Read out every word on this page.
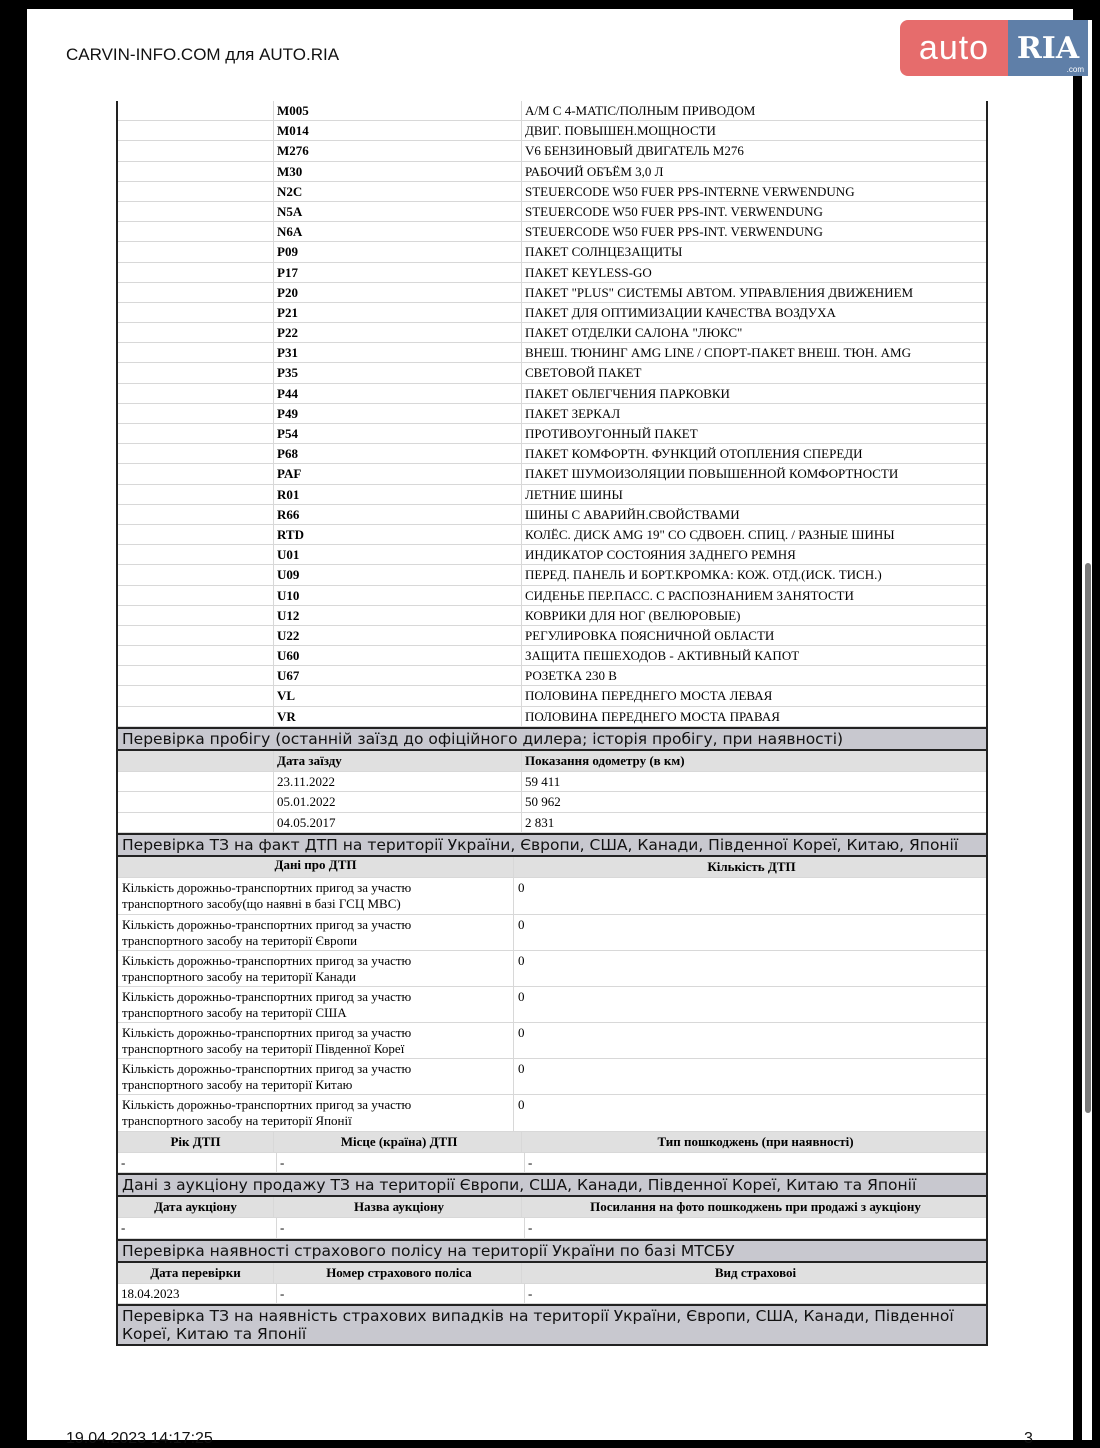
CARVIN-INFO.COM для AUTO.RIA	auto RIA
.com
M005	А/М С 4-MATIC/ПОЛНЫМ ПРИВОДОМ
M014	ДВИГ. ПОВЫШЕН.МОЩНОСТИ
M276	V6 БЕНЗИНОВЫЙ ДВИГАТЕЛЬ M276
M30	РАБОЧИЙ ОБЪЁМ 3,0 Л
N2C	STEUERCODE W50 FUER PPS-INTERNE VERWENDUNG
N5A	STEUERCODE W50 FUER PPS-INT. VERWENDUNG
N6A	STEUERCODE W50 FUER PPS-INT. VERWENDUNG
P09	ПАКЕТ СОЛНЦЕЗАЩИТЫ
P17	ПАКЕТ KEYLESS-GO
P20	ПАКЕТ "PLUS" СИСТЕМЫ АВТОМ. УПРАВЛЕНИЯ ДВИЖЕНИЕМ
P21	ПАКЕТ ДЛЯ ОПТИМИЗАЦИИ КАЧЕСТВА ВОЗДУХА
P22	ПАКЕТ ОТДЕЛКИ САЛОНА "ЛЮКС"
P31	ВНЕШ. ТЮНИНГ AMG LINE / СПОРТ-ПАКЕТ ВНЕШ. ТЮН. AMG
P35	СВЕТОВОЙ ПАКЕТ
P44	ПАКЕТ ОБЛЕГЧЕНИЯ ПАРКОВКИ
P49	ПАКЕТ ЗЕРКАЛ
P54	ПРОТИВОУГОННЫЙ ПАКЕТ
P68	ПАКЕТ КОМФОРТН. ФУНКЦИЙ ОТОПЛЕНИЯ СПЕРЕДИ
PAF	ПАКЕТ ШУМОИЗОЛЯЦИИ ПОВЫШЕННОЙ КОМФОРТНОСТИ
R01	ЛЕТНИЕ ШИНЫ
R66	ШИНЫ С АВАРИЙН.СВОЙСТВАМИ
RTD	КОЛЁС. ДИСК AMG 19" СО СДВОЕН. СПИЦ. / РАЗНЫЕ ШИНЫ
U01	ИНДИКАТОР СОСТОЯНИЯ ЗАДНЕГО РЕМНЯ
U09	ПЕРЕД. ПАНЕЛЬ И БОРТ.КРОМКА: КОЖ. ОТД.(ИСК. ТИСН.)
U10	СИДЕНЬЕ ПЕР.ПАСС. С РАСПОЗНАНИЕМ ЗАНЯТОСТИ
U12	КОВРИКИ ДЛЯ НОГ (ВЕЛЮРОВЫЕ)
U22	РЕГУЛИРОВКА ПОЯСНИЧНОЙ ОБЛАСТИ
U60	ЗАЩИТА ПЕШЕХОДОВ - АКТИВНЫЙ КАПОТ
U67	РОЗЕТКА 230 В
VL	ПОЛОВИНА ПЕРЕДНЕГО МОСТА ЛЕВАЯ
VR	ПОЛОВИНА ПЕРЕДНЕГО МОСТА ПРАВАЯ
Перевірка пробігу (останній заїзд до офіційного дилера; історія пробігу, при наявності)
Дата заїзду	Показання одометру (в км)
23.11.2022	59 411
05.01.2022	50 962
04.05.2017	2 831
Перевірка ТЗ на факт ДТП на території України, Європи, США, Канади, Південної Кореї, Китаю, Японії
Дані про ДТП	Кількість ДТП
Кількість дорожньо-транспортних пригод за участю
транспортного засобу(що наявні в базі ГСЦ МВС)
0
Кількість дорожньо-транспортних пригод за участю
транспортного засобу на території Європи
0
Кількість дорожньо-транспортних пригод за участю
транспортного засобу на території Канади
0
Кількість дорожньо-транспортних пригод за участю
транспортного засобу на території США
0
Кількість дорожньо-транспортних пригод за участю
транспортного засобу на території Південної Кореї
0
Кількість дорожньо-транспортних пригод за участю
транспортного засобу на території Китаю
0
Кількість дорожньо-транспортних пригод за участю
транспортного засобу на території Японії
0
Рік ДТП	Місце (країна) ДТП	Тип пошкоджень (при наявності)
-	-	-
Дані з аукціону продажу ТЗ на території Європи, США, Канади, Південної Кореї, Китаю та Японії
Дата аукціону	Назва аукціону	Посилання на фото пошкоджень при продажі з аукціону
-	-	-
Перевірка наявності страхового полісу на території України по базі МТСБУ
Дата перевірки	Номер страхового поліса	Вид страховоі
18.04.2023	-	-
Перевірка ТЗ на наявність страхових випадків на території України, Європи, США, Канади, Південної Кореї, Китаю та Японії
19.04.2023 14:17:25	3
